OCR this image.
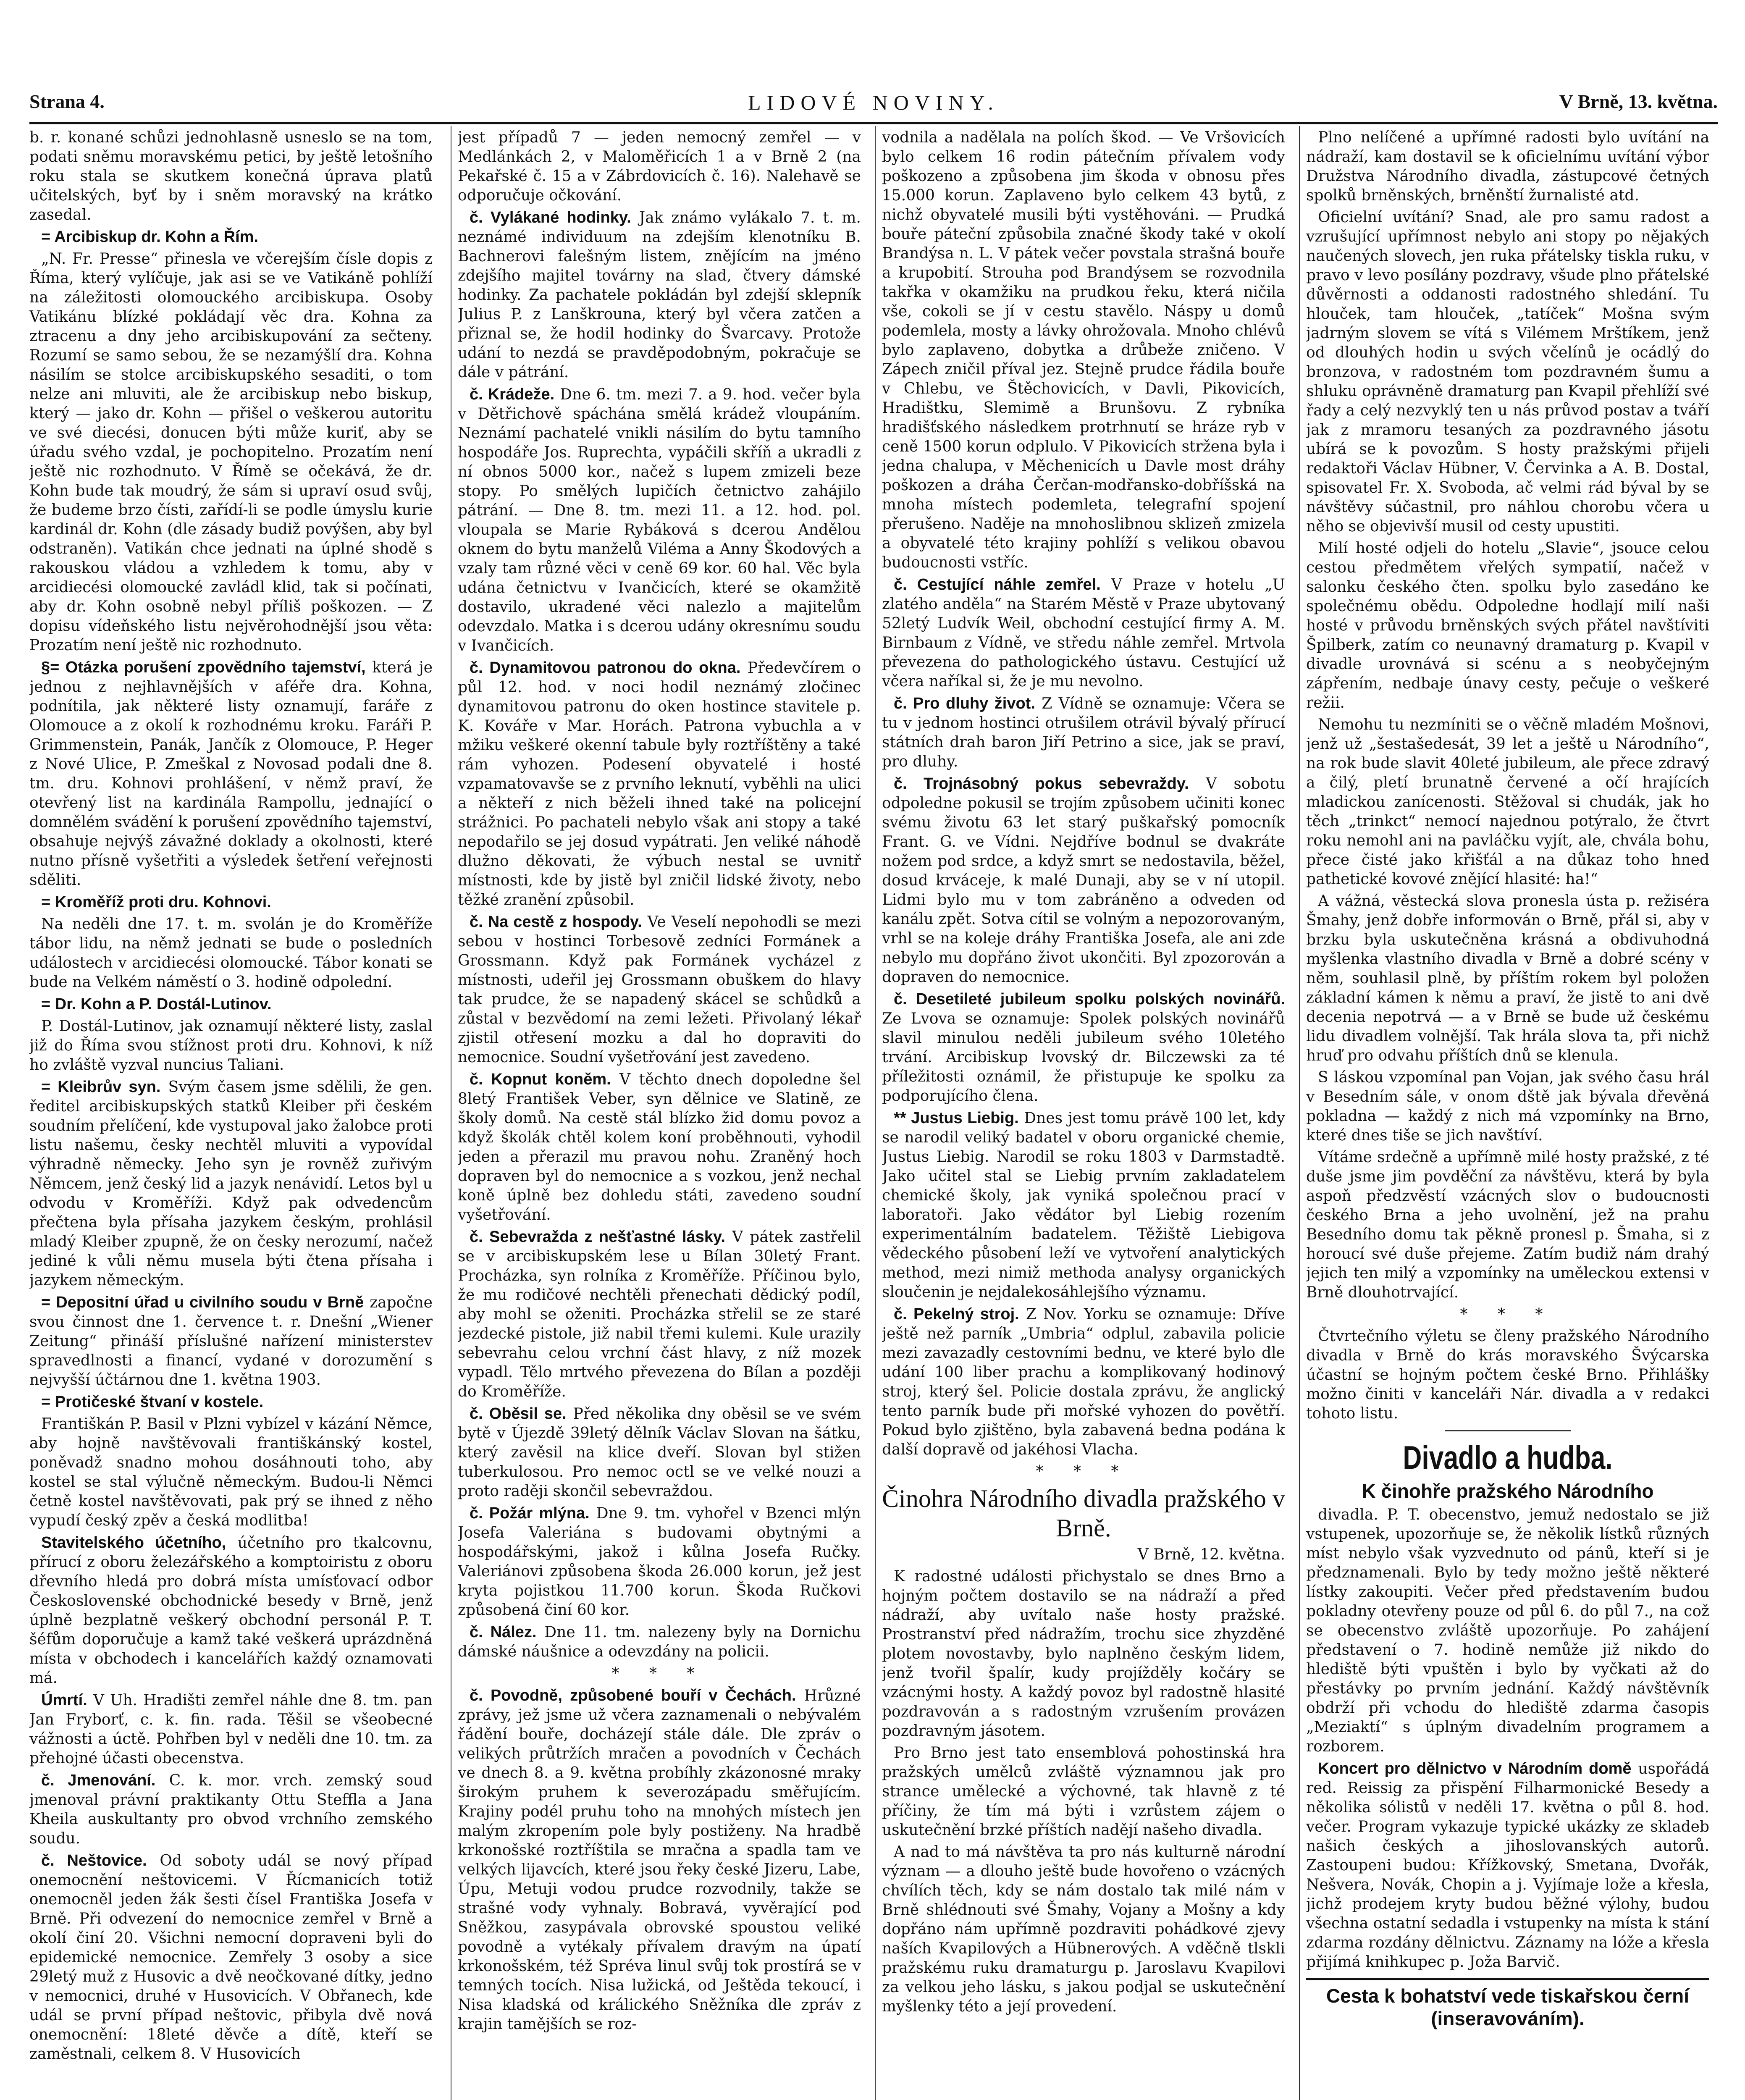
Strana 4.	LIDOVÉ NOVINY.	V Brně, 13. května.

b. r. konané schůzi jednohlasně usneslo se na tom, podati sněmu moravskému petici, by ještě letošního roku stala se skutkem konečná úprava platů učitelských, byť by i sněm moravský na krátko zasedal.

= Arcibiskup dr. Kohn a Řím.

„N. Fr. Presse“ přinesla ve včerejším čísle dopis z Říma, který vylíčuje, jak asi se ve Vatikáně pohlíží na záležitosti olomouckého arcibiskupa. Osoby Vatikánu blízké pokládají věc dra. Kohna za ztracenu a dny jeho arcibiskupování za sečteny. Rozumí se samo sebou, že se nezamýšlí dra. Kohna násilím se stolce arcibiskupského sesaditi, o tom nelze ani mluviti, ale že arcibiskup nebo biskup, který — jako dr. Kohn — přišel o veškerou autoritu ve své diecési, donucen býti může kuriť, aby se úřadu svého vzdal, je pochopitelno. Prozatím není ještě nic rozhodnuto. V Římě se očekává, že dr. Kohn bude tak moudrý, že sám si upraví osud svůj, že budeme brzo čísti, zařídí-li se podle úmyslu kurie kardinál dr. Kohn (dle zásady budiž povýšen, aby byl odstraněn). Vatikán chce jednati na úplné shodě s rakouskou vládou a vzhledem k tomu, aby v arcidiecési olomoucké zavládl klid, tak si počínati, aby dr. Kohn osobně nebyl příliš poškozen. — Z dopisu vídeňského listu nejvěrohodnější jsou věta: Prozatím není ještě nic rozhodnuto.

§= Otázka porušení zpovědního tajemství, která je jednou z nejhlavnějších v aféře dra. Kohna, podnítila, jak některé listy oznamují, faráře z Olomouce a z okolí k rozhodnému kroku. Faráři P. Grimmenstein, Panák, Jančík z Olomouce, P. Heger z Nové Ulice, P. Zmeškal z Novosad podali dne 8. tm. dru. Kohnovi prohlášení, v němž praví, že otevřený list na kardinála Rampollu, jednající o domnělém svádění k porušení zpovědního tajemství, obsahuje nejvýš závažné doklady a okolnosti, které nutno přísně vyšetřiti a výsledek šetření veřejnosti sděliti.

= Kroměříž proti dru. Kohnovi.

Na neděli dne 17. t. m. svolán je do Kroměříže tábor lidu, na němž jednati se bude o posledních událostech v arcidiecési olomoucké. Tábor konati se bude na Velkém náměstí o 3. hodině odpolední.

= Dr. Kohn a P. Dostál-Lutinov.

P. Dostál-Lutinov, jak oznamují některé listy, zaslal již do Říma svou stížnost proti dru. Kohnovi, k níž ho zvláště vyzval nuncius Taliani.

= Kleibrův syn. Svým časem jsme sdělili, že gen. ředitel arcibiskupských statků Kleiber při českém soudním přelíčení, kde vystupoval jako žalobce proti listu našemu, česky nechtěl mluviti a vypovídal výhradně německy. Jeho syn je rovněž zuřivým Němcem, jenž český lid a jazyk nenávidí. Letos byl u odvodu v Kroměříži. Když pak odvedencům přečtena byla přísaha jazykem českým, prohlásil mladý Kleiber zpupně, že on česky nerozumí, načež jediné k vůli němu musela býti čtena přísaha i jazykem německým.

= Depositní úřad u civilního soudu v Brně započne svou činnost dne 1. července t. r. Dnešní „Wiener Zeitung“ přináší příslušné nařízení ministerstev spravedlnosti a financí, vydané v dorozumění s nejvyšší účtárnou dne 1. května 1903.

= Protičeské štvaní v kostele.

Františkán P. Basil v Plzni vybízel v kázání Němce, aby hojně navštěvovali františkánský kostel, poněvadž snadno mohou dosáhnouti toho, aby kostel se stal výlučně německým. Budou-li Němci četně kostel navštěvovati, pak prý se ihned z něho vypudí český zpěv a česká modlitba!

Stavitelského účetního, účetního pro tkalcovnu, přírucí z oboru železářského a komptoiristu z oboru dřevního hledá pro dobrá místa umísťovací odbor Československé obchodnické besedy v Brně, jenž úplně bezplatně veškerý obchodní personál P. T. šéfům doporučuje a kamž také veškerá uprázdněná místa v obchodech i kancelářích každý oznamovati má.

Úmrtí. V Uh. Hradišti zemřel náhle dne 8. tm. pan Jan Fryborť, c. k. fin. rada. Těšil se všeobecné vážnosti a úctě. Pohřben byl v neděli dne 10. tm. za přehojné účasti obecenstva.

č. Jmenování. C. k. mor. vrch. zemský soud jmenoval právní praktikanty Ottu Steffla a Jana Kheila auskultanty pro obvod vrchního zemského soudu.

č. Neštovice. Od soboty udál se nový případ onemocnění neštovicemi. V Řícmanicích totiž onemocněl jeden žák šesti čísel Františka Josefa v Brně. Při odvezení do nemocnice zemřel v Brně a okolí činí 20. Všichni nemocní dopraveni byli do epidemické nemocnice. Zemřely 3 osoby a sice 29letý muž z Husovic a dvě neočkované dítky, jedno v nemocnici, druhé v Husovicích. V Obřanech, kde udál se první případ neštovic, přibyla dvě nová onemocnění: 18leté děvče a dítě, kteří se zaměstnali, celkem 8. V Husovicích

jest případů 7 — jeden nemocný zemřel — v Medlánkách 2, v Maloměřicích 1 a v Brně 2 (na Pekařské č. 15 a v Zábrdovicích č. 16). Nalehavě se odporučuje očkování.

č. Vylákané hodinky. Jak známo vylákalo 7. t. m. neznámé individuum na zdejším klenotníku B. Bachnerovi falešným listem, znějícím na jméno zdejšího majitel továrny na slad, čtvery dámské hodinky. Za pachatele pokládán byl zdejší sklepník Julius P. z Lanškrouna, který byl včera zatčen a přiznal se, že hodil hodinky do Švarcavy. Protože udání to nezdá se pravděpodobným, pokračuje se dále v pátrání.

č. Krádeže. Dne 6. tm. mezi 7. a 9. hod. večer byla v Dětřichově spáchána smělá krádež vloupáním. Neznámí pachatelé vnikli násilím do bytu tamního hospodáře Jos. Ruprechta, vypáčili skříň a ukradli z ní obnos 5000 kor., načež s lupem zmizeli beze stopy. Po smělých lupičích četnictvo zahájilo pátrání. — Dne 8. tm. mezi 11. a 12. hod. pol. vloupala se Marie Rybáková s dcerou Andělou oknem do bytu manželů Viléma a Anny Škodových a vzaly tam různé věci v ceně 69 kor. 60 hal. Věc byla udána četnictvu v Ivančicích, které se okamžitě dostavilo, ukradené věci nalezlo a majitelům odevzdalo. Matka i s dcerou udány okresnímu soudu v Ivančicích.

č. Dynamitovou patronou do okna. Předevčírem o půl 12. hod. v noci hodil neznámý zločinec dynamitovou patronu do oken hostince stavitele p. K. Kováře v Mar. Horách. Patrona vybuchla a v mžiku veškeré okenní tabule byly roztříštěny a také rám vyhozen. Podesení obyvatelé i hosté vzpamatovavše se z prvního leknutí, vyběhli na ulici a někteří z nich běželi ihned také na policejní strážnici. Po pachateli nebylo však ani stopy a také nepodařilo se jej dosud vypátrati. Jen veliké náhodě dlužno děkovati, že výbuch nestal se uvnitř místnosti, kde by jistě byl zničil lidské životy, nebo těžké zranění způsobil.

č. Na cestě z hospody. Ve Veselí nepohodli se mezi sebou v hostinci Torbesově zedníci Formánek a Grossmann. Když pak Formánek vycházel z místnosti, udeřil jej Grossmann obuškem do hlavy tak prudce, že se napadený skácel se schůdků a zůstal v bezvědomí na zemi ležeti. Přivolaný lékař zjistil otřesení mozku a dal ho dopraviti do nemocnice. Soudní vyšetřování jest zavedeno.

č. Kopnut koněm. V těchto dnech dopoledne šel 8letý František Veber, syn dělnice ve Slatině, ze školy domů. Na cestě stál blízko žid domu povoz a když školák chtěl kolem koní proběhnouti, vyhodil jeden a přerazil mu pravou nohu. Zraněný hoch dopraven byl do nemocnice a s vozkou, jenž nechal koně úplně bez dohledu státi, zavedeno soudní vyšetřování.

č. Sebevražda z nešťastné lásky. V pátek zastřelil se v arcibiskupském lese u Bílan 30letý Frant. Procházka, syn rolníka z Kroměříže. Příčinou bylo, že mu rodičové nechtěli přenechati dědický podíl, aby mohl se oženiti. Procházka střelil se ze staré jezdecké pistole, již nabil třemi kulemi. Kule urazily sebevrahu celou vrchní část hlavy, z níž mozek vypadl. Tělo mrtvého převezena do Bílan a později do Kroměříže.

č. Oběsil se. Před několika dny oběsil se ve svém bytě v Újezdě 39letý dělník Václav Slovan na šátku, který zavěsil na klice dveří. Slovan byl stižen tuberkulosou. Pro nemoc octl se ve velké nouzi a proto raději skončil sebevraždou.

č. Požár mlýna. Dne 9. tm. vyhořel v Bzenci mlýn Josefa Valeriána s budovami obytnými a hospodářskými, jakož i kůlna Josefa Ručky. Valeriánovi způsobena škoda 26.000 korun, jež jest kryta pojistkou 11.700 korun. Škoda Ručkovi způsobená činí 60 kor.

č. Nález. Dne 11. tm. nalezeny byly na Dornichu dámské náušnice a odevzdány na policii.

* * *

č. Povodně, způsobené bouří v Čechách. Hrůzné zprávy, jež jsme už včera zaznamenali o nebývalém řádění bouře, docházejí stále dále. Dle zpráv o velikých průtržích mračen a povodních v Čechách ve dnech 8. a 9. května probíhly zkázonosné mraky širokým pruhem k severozápadu směřujícím. Krajiny podél pruhu toho na mnohých místech jen malým zkropením pole byly postiženy. Na hradbě krkonošské roztříštila se mračna a spadla tam ve velkých lijavcích, které jsou řeky české Jizeru, Labe, Úpu, Metuji vodou prudce rozvodnily, takže se strašné vody vyhnaly. Bobravá, vyvěrající pod Sněžkou, zasypávala obrovské spoustou veliké povodně a vytékaly přívalem dravým na úpatí krkonošském, též Spréva linul svůj tok prostírá se v temných tocích. Nisa lužická, od Ještěda tekoucí, i Nisa kladská od králického Sněžníka dle zpráv z krajin tamějších se roz-

vodnila a nadělala na polích škod. — Ve Vršovicích bylo celkem 16 rodin pátečním přívalem vody poškozeno a způsobena jim škoda v obnosu přes 15.000 korun. Zaplaveno bylo celkem 43 bytů, z nichž obyvatelé musili býti vystěhováni. — Prudká bouře páteční způsobila značné škody také v okolí Brandýsa n. L. V pátek večer povstala strašná bouře a krupobití. Strouha pod Brandýsem se rozvodnila takřka v okamžiku na prudkou řeku, která ničila vše, cokoli se jí v cestu stavělo. Náspy u domů podemlela, mosty a lávky ohrožovala. Mnoho chlévů bylo zaplaveno, dobytka a drůbeže zničeno. V Zápech zničil příval jez. Stejně prudce řádila bouře v Chlebu, ve Štěchovicích, v Davli, Pikovicích, Hradištku, Slemimě a Brunšovu. Z rybníka hradišťského následkem protrhnutí se hráze ryb v ceně 1500 korun odplulo. V Pikovicích stržena byla i jedna chalupa, v Měchenicích u Davle most dráhy poškozen a dráha Čerčan-modřansko-dobříšská na mnoha místech podemleta, telegrafní spojení přerušeno. Naděje na mnohoslibnou sklizeň zmizela a obyvatelé této krajiny pohlíží s velikou obavou budoucnosti vstříc.

č. Cestující náhle zemřel. V Praze v hotelu „U zlatého anděla“ na Starém Městě v Praze ubytovaný 52letý Ludvík Weil, obchodní cestující firmy A. M. Birnbaum z Vídně, ve středu náhle zemřel. Mrtvola převezena do pathologického ústavu. Cestující už včera naříkal si, že je mu nevolno.

č. Pro dluhy život. Z Vídně se oznamuje: Včera se tu v jednom hostinci otrušilem otrávil bývalý přírucí státních drah baron Jiří Petrino a sice, jak se praví, pro dluhy.

č. Trojnásobný pokus sebevraždy. V sobotu odpoledne pokusil se trojím způsobem učiniti konec svému životu 63 let starý puškařský pomocník Frant. G. ve Vídni. Nejdříve bodnul se dvakráte nožem pod srdce, a když smrt se nedostavila, běžel, dosud krváceje, k malé Dunaji, aby se v ní utopil. Lidmi bylo mu v tom zabráněno a odveden od kanálu zpět. Sotva cítil se volným a nepozorovaným, vrhl se na koleje dráhy Františka Josefa, ale ani zde nebylo mu dopřáno život ukončiti. Byl zpozorován a dopraven do nemocnice.

č. Desetileté jubileum spolku polských novinářů. Ze Lvova se oznamuje: Spolek polských novinářů slavil minulou neděli jubileum svého 10letého trvání. Arcibiskup lvovský dr. Bilczewski za té příležitosti oznámil, že přistupuje ke spolku za podporujícího člena.

** Justus Liebig. Dnes jest tomu právě 100 let, kdy se narodil veliký badatel v oboru organické chemie, Justus Liebig. Narodil se roku 1803 v Darmstadtě. Jako učitel stal se Liebig prvním zakladatelem chemické školy, jak vyniká společnou prací v laboratoři. Jako vědátor byl Liebig rozením experimentálním badatelem. Těžiště Liebigova vědeckého působení leží ve vytvoření analytických method, mezi nimiž methoda analysy organických sloučenin je nejdalekosáhlejšího významu.

č. Pekelný stroj. Z Nov. Yorku se oznamuje: Dříve ještě než parník „Umbria“ odplul, zabavila policie mezi zavazadly cestovními bednu, ve které bylo dle udání 100 liber prachu a komplikovaný hodinový stroj, který šel. Policie dostala zprávu, že anglický tento parník bude při mořské vyhozen do povětří. Pokud bylo zjištěno, byla zabavená bedna podána k další dopravě od jakéhosi Vlacha.

* * *

Činohra Národního divadla pražského v Brně.

V Brně, 12. května.

K radostné události přichystalo se dnes Brno a hojným počtem dostavilo se na nádraží a před nádraží, aby uvítalo naše hosty pražské. Prostranství před nádražím, trochu sice zhyzděné plotem novostavby, bylo naplněno českým lidem, jenž tvořil špalír, kudy projížděly kočáry se vzácnými hosty. A každý povoz byl radostně hlasité pozdravován a s radostným vzrušením provázen pozdravným jásotem.

Pro Brno jest tato ensemblová pohostinská hra pražských umělců zvláště významnou jak pro strance umělecké a výchovné, tak hlavně z té příčiny, že tím má býti i vzrůstem zájem o uskutečnění brzké příštích nadějí našeho divadla.

A nad to má návštěva ta pro nás kulturně národní význam — a dlouho ještě bude hovořeno o vzácných chvílích těch, kdy se nám dostalo tak milé nám v Brně shlédnouti své Šmahy, Vojany a Mošny a kdy dopřáno nám upřímně pozdraviti pohádkové zjevy naších Kvapilových a Hübnerových. A vděčně tlskli pražskému ruku dramaturgu p. Jaroslavu Kvapilovi za velkou jeho lásku, s jakou podjal se uskutečnění myšlenky této a její provedení.

Plno nelíčené a upřímné radosti bylo uvítání na nádraží, kam dostavil se k oficielnímu uvítání výbor Družstva Národního divadla, zástupcové četných spolků brněnských, brněnští žurnalisté atd.

Oficielní uvítání? Snad, ale pro samu radost a vzrušující upřímnost nebylo ani stopy po nějakých naučených slovech, jen ruka přátelsky tiskla ruku, v pravo v levo posílány pozdravy, všude plno přátelské důvěrnosti a oddanosti radostného shledání. Tu hlouček, tam hlouček, „tatíček“ Mošna svým jadrným slovem se vítá s Vilémem Mrštíkem, jenž od dlouhých hodin u svých včelínů je ocádlý do bronzova, v radostném tom pozdravném šumu a shluku oprávněně dramaturg pan Kvapil přehlíží své řady a celý nezvyklý ten u nás průvod postav a tváří jak z mramoru tesaných za pozdravného jásotu ubírá se k povozům. S hosty pražskými přijeli redaktoři Václav Hübner, V. Červinka a A. B. Dostal, spisovatel Fr. X. Svoboda, ač velmi rád býval by se návštěvy súčastnil, pro náhlou chorobu včera u něho se objevivší musil od cesty upustiti.

Milí hosté odjeli do hotelu „Slavie“, jsouce celou cestou předmětem vřelých sympatií, načež v salonku českého čten. spolku bylo zasedáno ke společnému obědu. Odpoledne hodlají milí naši hosté v průvodu brněnských svých přátel navštíviti Špilberk, zatím co neunavný dramaturg p. Kvapil v divadle urovnává si scénu a s neobyčejným zápřením, nedbaje únavy cesty, pečuje o veškeré režii.

Nemohu tu nezmíniti se o věčně mladém Mošnovi, jenž už „šestašedesát, 39 let a ještě u Národního“, na rok bude slavit 40leté jubileum, ale přece zdravý a čilý, pletí brunatně červené a očí hrajících mladickou zanícenosti. Stěžoval si chudák, jak ho těch „trinkct“ nemocí najednou potýralo, že čtvrt roku nemohl ani na pavláčku vyjít, ale, chvála bohu, přece čisté jako křišťál a na důkaz toho hned pathetické kovové znějící hlasité: ha!“

A vážná, věstecká slova pronesla ústa p. režiséra Šmahy, jenž dobře informován o Brně, přál si, aby v brzku byla uskutečněna krásná a obdivuhodná myšlenka vlastního divadla v Brně a dobré scény v něm, souhlasil plně, by příštím rokem byl položen základní kámen k němu a praví, že jistě to ani dvě decenia nepotrvá — a v Brně se bude už českému lidu divadlem volnější. Tak hrála slova ta, při nichž hruď pro odvahu příštích dnů se klenula.

S láskou vzpomínal pan Vojan, jak svého času hrál v Besedním sále, v onom dště jak bývala dřevěná pokladna — každý z nich má vzpomínky na Brno, které dnes tiše se jich navštíví.

Vítáme srdečně a upřímně milé hosty pražské, z té duše jsme jim povděční za návštěvu, která by byla aspoň předzvěstí vzácných slov o budoucnosti českého Brna a jeho uvolnění, jež na prahu Besedního domu tak pěkně pronesl p. Šmaha, si z horoucí své duše přejeme. Zatím budiž nám drahý jejich ten milý a vzpomínky na uměleckou extensi v Brně dlouhotrvající.

* * *

Čtvrtečního výletu se členy pražského Národního divadla v Brně do krás moravského Švýcarska účastní se hojným počtem české Brno. Přihlášky možno činiti v kanceláři Nár. divadla a v redakci tohoto listu.

Divadlo a hudba.

K činohře pražského Národního

divadla. P. T. obecenstvo, jemuž nedostalo se již vstupenek, upozorňuje se, že několik lístků různých míst nebylo však vyzvednuto od pánů, kteří si je předznamenali. Bylo by tedy možno ještě některé lístky zakoupiti. Večer před představením budou pokladny otevřeny pouze od půl 6. do půl 7., na což se obecenstvo zvláště upozorňuje. Po zahájení představení o 7. hodině nemůže již nikdo do hlediště býti vpuštěn i bylo by vyčkati až do přestávky po prvním jednání. Každý návštěvník obdrží při vchodu do hlediště zdarma časopis „Meziaktí“ s úplným divadelním programem a rozborem.

Koncert pro dělnictvo v Národním domě uspořádá red. Reissig za přispění Filharmonické Besedy a několika sólistů v neděli 17. května o půl 8. hod. večer. Program vykazuje typické ukázky ze skladeb našich českých a jihoslovanských autorů. Zastoupeni budou: Křížkovský, Smetana, Dvořák, Nešvera, Novák, Chopin a j. Vyjímaje lože a křesla, jichž prodejem kryty budou běžné výlohy, budou všechna ostatní sedadla i vstupenky na místa k stání zdarma rozdány dělnictvu. Záznamy na lóže a křesla přijímá knihkupec p. Joža Barvič.

Cesta k bohatství vede tiskařskou černí (inseravováním).
